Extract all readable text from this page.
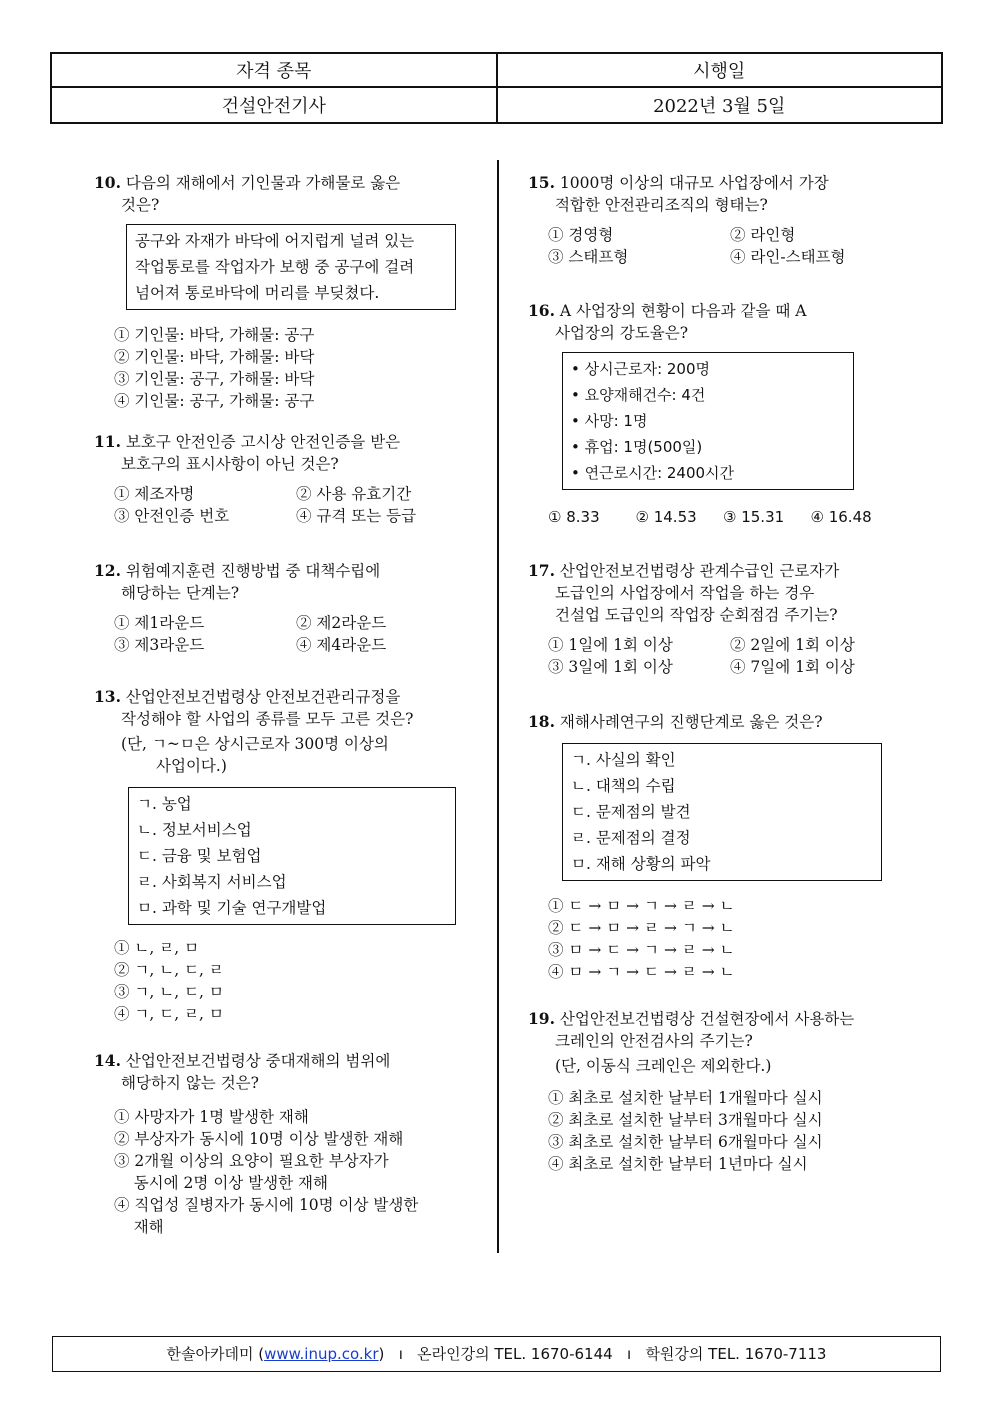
자격 종목	시행일
건설안전기사	2022년 3월 5일
10. 다음의 재해에서 기인물과 가해물로 옳은
것은?
공구와 자재가 바닥에 어지럽게 널려 있는
작업통로를 작업자가 보행 중 공구에 걸려
넘어져 통로바닥에 머리를 부딪쳤다.
① 기인물: 바닥, 가해물: 공구
② 기인물: 바닥, 가해물: 바닥
③ 기인물: 공구, 가해물: 바닥
④ 기인물: 공구, 가해물: 공구
11. 보호구 안전인증 고시상 안전인증을 받은
보호구의 표시사항이 아닌 것은?
① 제조자명	② 사용 유효기간
③ 안전인증 번호	④ 규격 또는 등급
12. 위험예지훈련 진행방법 중 대책수립에
해당하는 단계는?
① 제1라운드	② 제2라운드
③ 제3라운드	④ 제4라운드
13. 산업안전보건법령상 안전보건관리규정을
작성해야 할 사업의 종류를 모두 고른 것은?
(단, ㄱ~ㅁ은 상시근로자 300명 이상의
사업이다.)
ㄱ. 농업
ㄴ. 정보서비스업
ㄷ. 금융 및 보험업
ㄹ. 사회복지 서비스업
ㅁ. 과학 및 기술 연구개발업
① ㄴ, ㄹ, ㅁ
② ㄱ, ㄴ, ㄷ, ㄹ
③ ㄱ, ㄴ, ㄷ, ㅁ
④ ㄱ, ㄷ, ㄹ, ㅁ
14. 산업안전보건법령상 중대재해의 범위에
해당하지 않는 것은?
① 사망자가 1명 발생한 재해
② 부상자가 동시에 10명 이상 발생한 재해
③ 2개월 이상의 요양이 필요한 부상자가
동시에 2명 이상 발생한 재해
④ 직업성 질병자가 동시에 10명 이상 발생한
재해
15. 1000명 이상의 대규모 사업장에서 가장
적합한 안전관리조직의 형태는?
① 경영형	② 라인형
③ 스태프형	④ 라인-스태프형
16. A 사업장의 현황이 다음과 같을 때 A
사업장의 강도율은?
• 상시근로자: 200명
• 요양재해건수: 4건
• 사망: 1명
• 휴업: 1명(500일)
• 연근로시간: 2400시간
① 8.33	② 14.53	③ 15.31	④ 16.48
17. 산업안전보건법령상 관계수급인 근로자가
도급인의 사업장에서 작업을 하는 경우
건설업 도급인의 작업장 순회점검 주기는?
① 1일에 1회 이상	② 2일에 1회 이상
③ 3일에 1회 이상	④ 7일에 1회 이상
18. 재해사례연구의 진행단계로 옳은 것은?
ㄱ. 사실의 확인
ㄴ. 대책의 수립
ㄷ. 문제점의 발견
ㄹ. 문제점의 결정
ㅁ. 재해 상황의 파악
① ㄷ → ㅁ → ㄱ → ㄹ → ㄴ
② ㄷ → ㅁ → ㄹ → ㄱ → ㄴ
③ ㅁ → ㄷ → ㄱ → ㄹ → ㄴ
④ ㅁ → ㄱ → ㄷ → ㄹ → ㄴ
19. 산업안전보건법령상 건설현장에서 사용하는
크레인의 안전검사의 주기는?
(단, 이동식 크레인은 제외한다.)
① 최초로 설치한 날부터 1개월마다 실시
② 최초로 설치한 날부터 3개월마다 실시
③ 최초로 설치한 날부터 6개월마다 실시
④ 최초로 설치한 날부터 1년마다 실시
한솔아카데미 (www.inup.co.kr)   ı   온라인강의 TEL. 1670-6144   ı   학원강의 TEL. 1670-7113
